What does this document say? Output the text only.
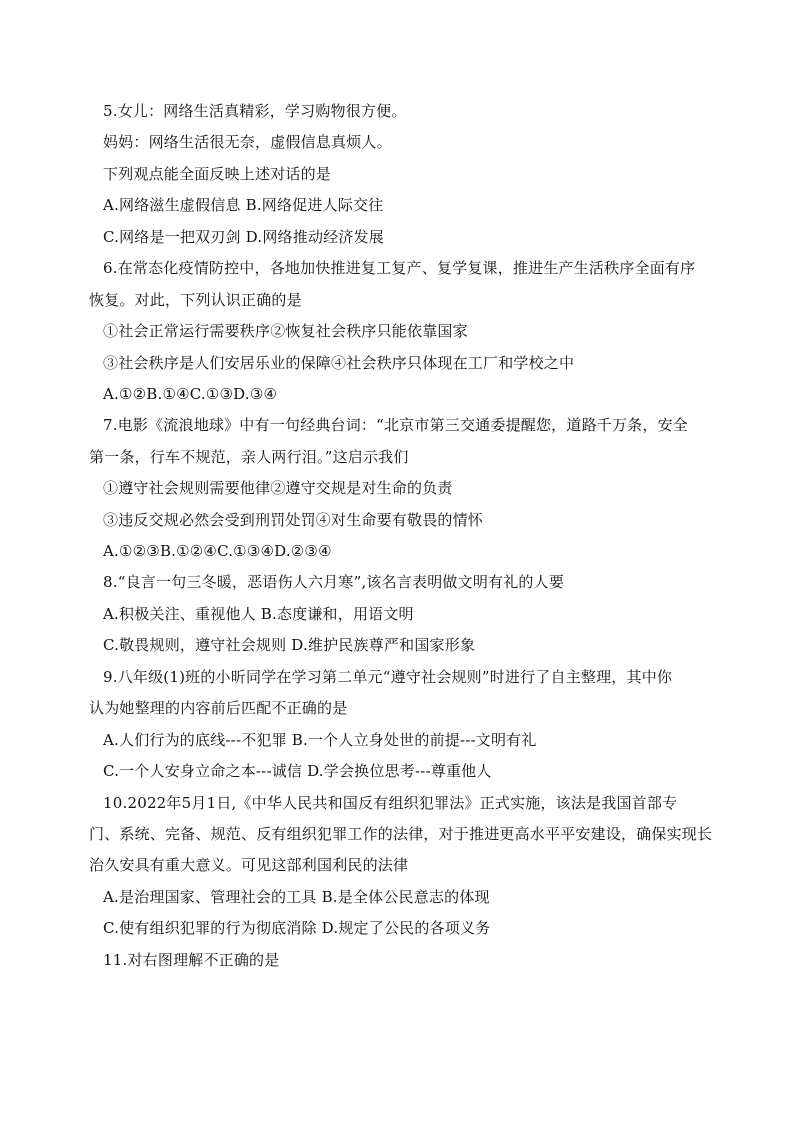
5.女儿：网络生活真精彩，学习购物很方便。
妈妈：网络生活很无奈，虚假信息真烦人。
下列观点能全面反映上述对话的是
A.网络滋生虚假信息 B.网络促进人际交往
C.网络是一把双刃剑 D.网络推动经济发展
6.在常态化疫情防控中，各地加快推进复工复产、复学复课，推进生产生活秩序全面有序
恢复。对此，下列认识正确的是
①社会正常运行需要秩序②恢复社会秩序只能依靠国家
③社会秩序是人们安居乐业的保障④社会秩序只体现在工厂和学校之中
A.①②B.①④C.①③D.③④
7.电影《流浪地球》中有一句经典台词：“北京市第三交通委提醒您，道路千万条，安全
第一条，行车不规范，亲人两行泪。”这启示我们
①遵守社会规则需要他律②遵守交规是对生命的负责
③违反交规必然会受到刑罚处罚④对生命要有敬畏的情怀
A.①②③B.①②④C.①③④D.②③④
8.“良言一句三冬暖，恶语伤人六月寒”,该名言表明做文明有礼的人要
A.积极关注、重视他人 B.态度谦和，用语文明
C.敬畏规则，遵守社会规则 D.维护民族尊严和国家形象
9.八年级(1)班的小昕同学在学习第二单元“遵守社会规则”时进行了自主整理，其中你
认为她整理的内容前后匹配不正确的是
A.人们行为的底线---不犯罪 B.一个人立身处世的前提---文明有礼
C.一个人安身立命之本---诚信 D.学会换位思考---尊重他人
10.2022年5月1日,《中华人民共和国反有组织犯罪法》正式实施，该法是我国首部专
门、系统、完备、规范、反有组织犯罪工作的法律，对于推进更高水平平安建设，确保实现长
治久安具有重大意义。可见这部利国利民的法律
A.是治理国家、管理社会的工具 B.是全体公民意志的体现
C.使有组织犯罪的行为彻底消除 D.规定了公民的各项义务
11.对右图理解不正确的是
